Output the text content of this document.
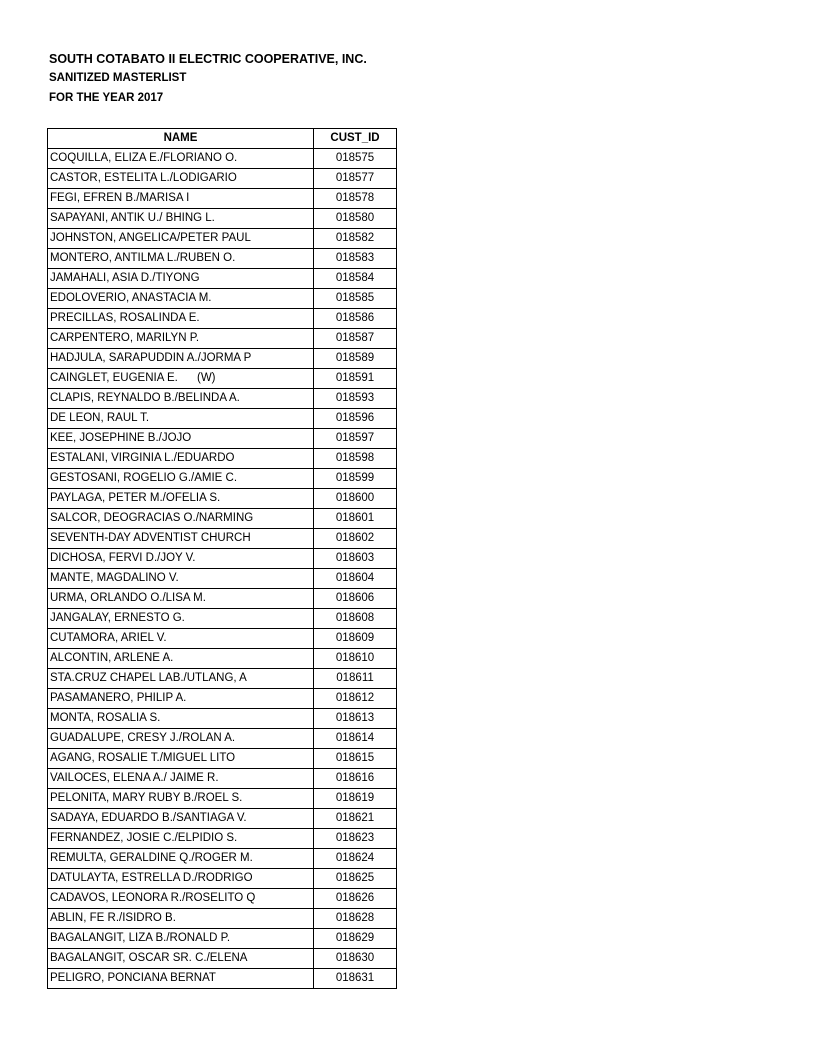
SOUTH COTABATO II ELECTRIC COOPERATIVE, INC.

SANITIZED MASTERLIST

FOR THE YEAR 2017

NAME	CUST_ID
COQUILLA, ELIZA E./FLORIANO O.	018575
CASTOR, ESTELITA L./LODIGARIO	018577
FEGI, EFREN B./MARISA I	018578
SAPAYANI, ANTIK U./ BHING L.	018580
JOHNSTON, ANGELICA/PETER PAUL	018582
MONTERO, ANTILMA L./RUBEN O.	018583
JAMAHALI, ASIA D./TIYONG	018584
EDOLOVERIO, ANASTACIA M.	018585
PRECILLAS, ROSALINDA E.	018586
CARPENTERO, MARILYN P.	018587
HADJULA, SARAPUDDIN A./JORMA P	018589
CAINGLET, EUGENIA E.      (W)	018591
CLAPIS, REYNALDO B./BELINDA A.	018593
DE LEON, RAUL T.	018596
KEE, JOSEPHINE B./JOJO	018597
ESTALANI, VIRGINIA L./EDUARDO	018598
GESTOSANI, ROGELIO G./AMIE C.	018599
PAYLAGA, PETER M./OFELIA S.	018600
SALCOR, DEOGRACIAS O./NARMING	018601
SEVENTH-DAY ADVENTIST CHURCH	018602
DICHOSA, FERVI D./JOY V.	018603
MANTE, MAGDALINO V.	018604
URMA, ORLANDO O./LISA M.	018606
JANGALAY, ERNESTO G.	018608
CUTAMORA, ARIEL V.	018609
ALCONTIN, ARLENE A.	018610
STA.CRUZ CHAPEL LAB./UTLANG, A	018611
PASAMANERO, PHILIP A.	018612
MONTA, ROSALIA S.	018613
GUADALUPE, CRESY J./ROLAN A.	018614
AGANG, ROSALIE T./MIGUEL LITO	018615
VAILOCES, ELENA A./ JAIME R.	018616
PELONITA, MARY RUBY B./ROEL S.	018619
SADAYA, EDUARDO B./SANTIAGA V.	018621
FERNANDEZ, JOSIE C./ELPIDIO S.	018623
REMULTA, GERALDINE Q./ROGER M.	018624
DATULAYTA, ESTRELLA D./RODRIGO	018625
CADAVOS, LEONORA R./ROSELITO Q	018626
ABLIN, FE R./ISIDRO B.	018628
BAGALANGIT, LIZA B./RONALD P.	018629
BAGALANGIT, OSCAR SR. C./ELENA	018630
PELIGRO, PONCIANA BERNAT	018631
